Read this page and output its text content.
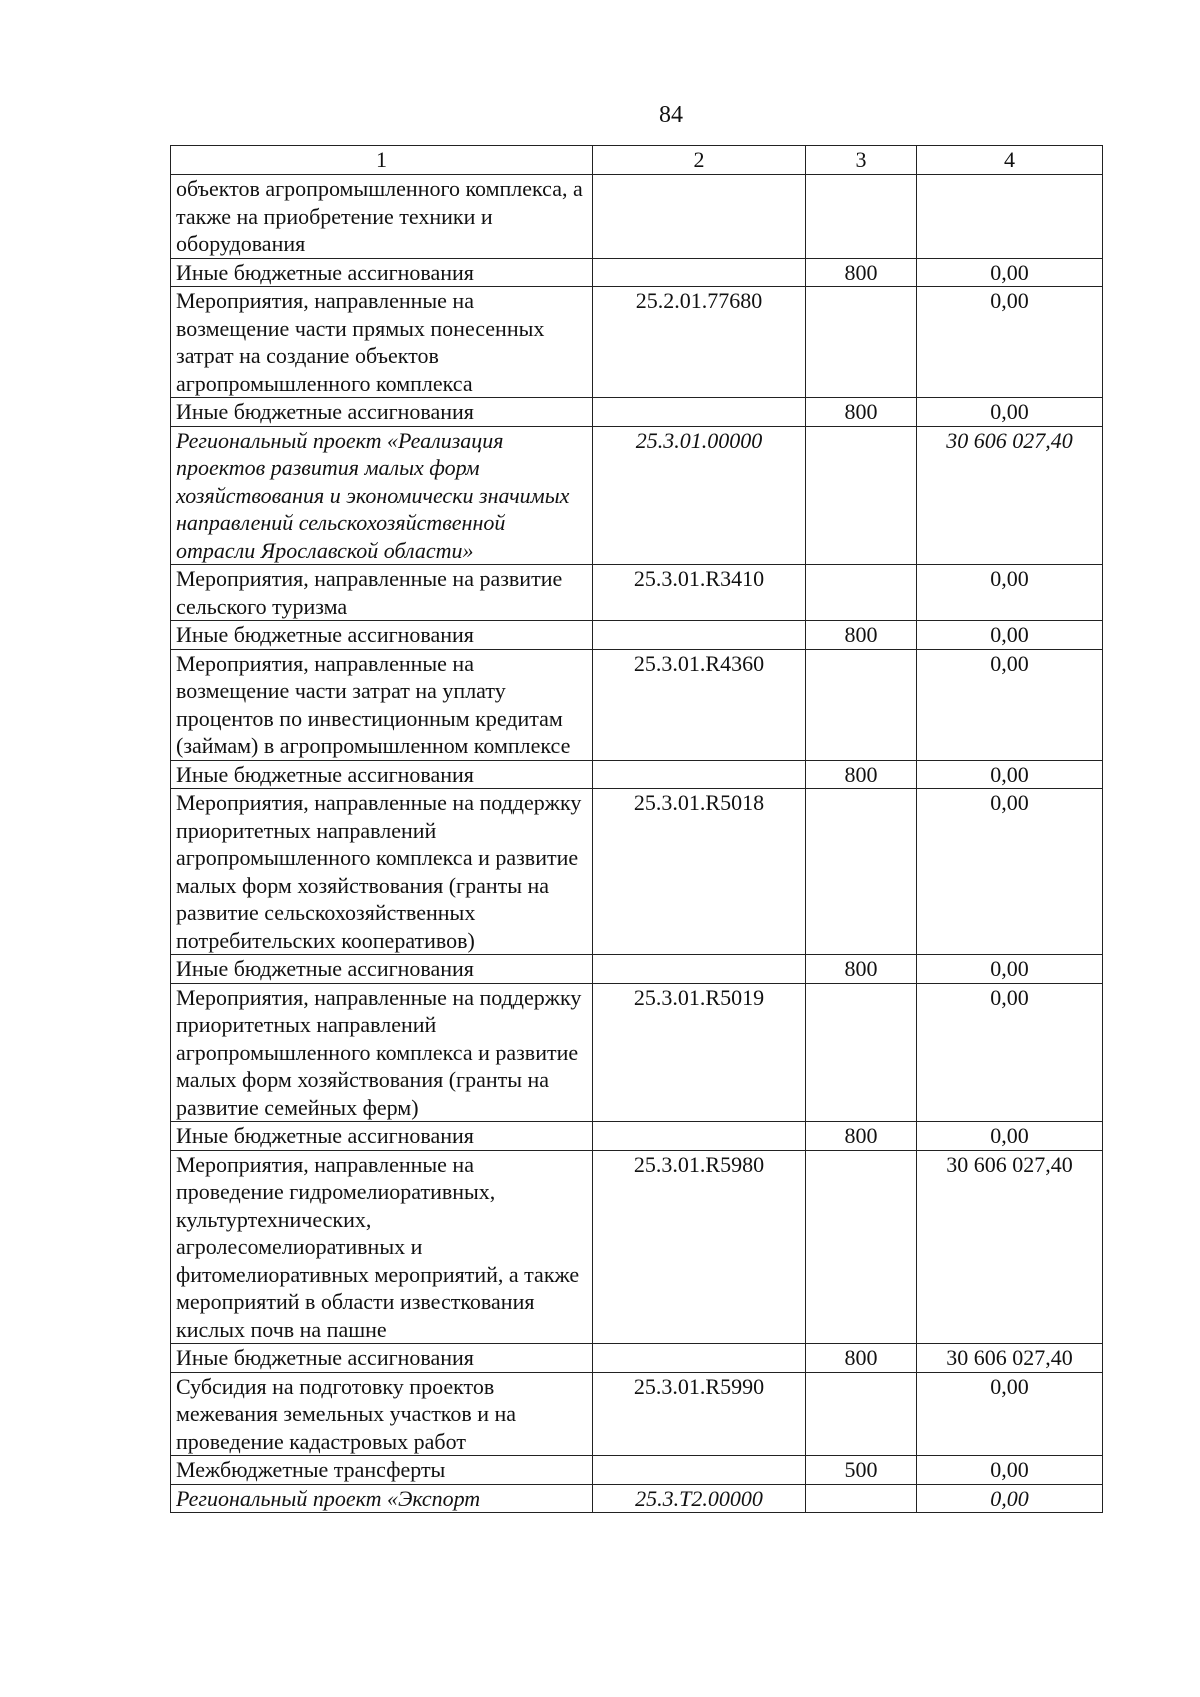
84
1	2	3	4
объектов агропромышленного комплекса, а также на приобретение техники и оборудования			
Иные бюджетные ассигнования		800	0,00
Мероприятия, направленные на возмещение части прямых понесенных затрат на создание объектов агропромышленного комплекса	25.2.01.77680		0,00
Иные бюджетные ассигнования		800	0,00
Региональный проект «Реализация проектов развития малых форм хозяйствования и экономически значимых направлений сельскохозяйственной отрасли Ярославской области»	25.3.01.00000		30 606 027,40
Мероприятия, направленные на развитие сельского туризма	25.3.01.R3410		0,00
Иные бюджетные ассигнования		800	0,00
Мероприятия, направленные на возмещение части затрат на уплату процентов по инвестиционным кредитам (займам) в агропромышленном комплексе	25.3.01.R4360		0,00
Иные бюджетные ассигнования		800	0,00
Мероприятия, направленные на поддержку приоритетных направлений агропромышленного комплекса и развитие малых форм хозяйствования (гранты на развитие сельскохозяйственных потребительских кооперативов)	25.3.01.R5018		0,00
Иные бюджетные ассигнования		800	0,00
Мероприятия, направленные на поддержку приоритетных направлений агропромышленного комплекса и развитие малых форм хозяйствования (гранты на развитие семейных ферм)	25.3.01.R5019		0,00
Иные бюджетные ассигнования		800	0,00
Мероприятия, направленные на проведение гидромелиоративных, культуртехнических, агролесомелиоративных и фитомелиоративных мероприятий, а также мероприятий в области известкования кислых почв на пашне	25.3.01.R5980		30 606 027,40
Иные бюджетные ассигнования		800	30 606 027,40
Субсидия на подготовку проектов межевания земельных участков и на проведение кадастровых работ	25.3.01.R5990		0,00
Межбюджетные трансферты		500	0,00
Региональный проект «Экспорт	25.3.T2.00000		0,00
